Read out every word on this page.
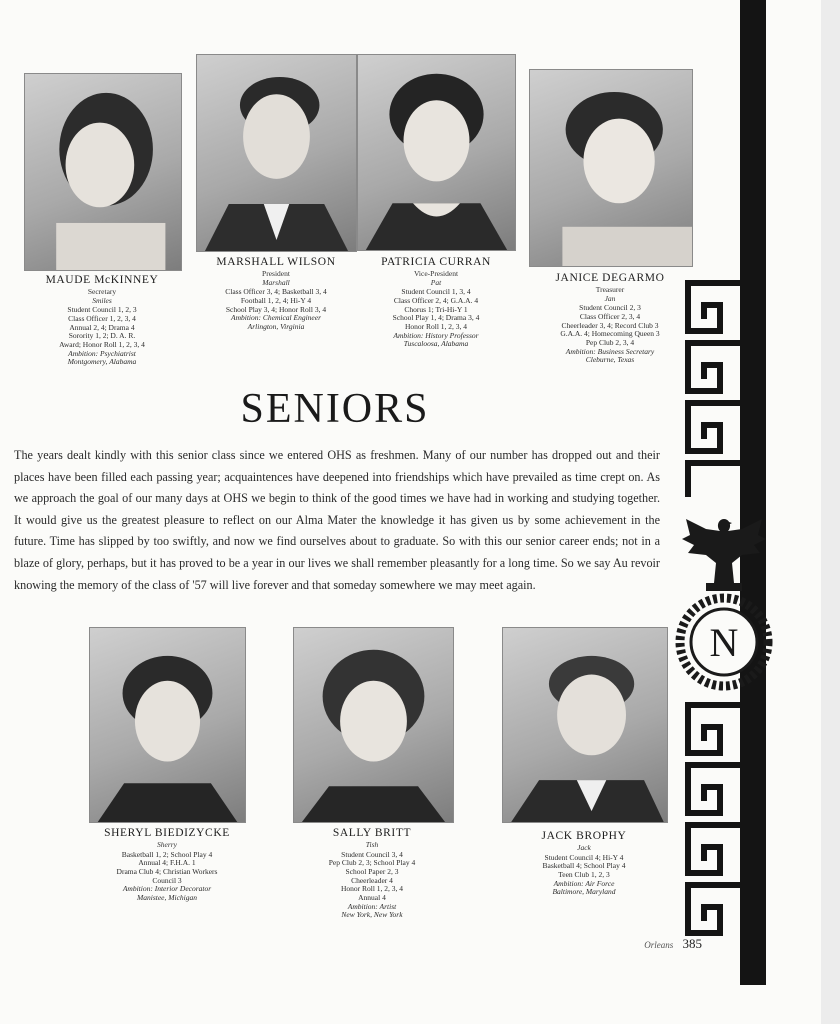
MAUDE McKINNEY
Secretary
Smiles
Student Council 1, 2, 3
Class Officer 1, 2, 3, 4
Annual 2, 4; Drama 4
Sorority 1, 2; D. A. R.
Award; Honor Roll 1, 2, 3, 4
Ambition: Psychiatrist
Montgomery, Alabama
MARSHALL WILSON
President
Marshall
Class Officer 3, 4; Basketball 3, 4
Football 1, 2, 4; Hi-Y 4
School Play 3, 4; Honor Roll 3, 4
Ambition: Chemical Engineer
Arlington, Virginia
PATRICIA CURRAN
Vice-President
Pat
Student Council 1, 3, 4
Class Officer 2, 4; G.A.A. 4
Chorus 1; Tri-Hi-Y 1
School Play 1, 4; Drama 3, 4
Honor Roll 1, 2, 3, 4
Ambition: History Professor
Tuscaloosa, Alabama
JANICE DEGARMO
Treasurer
Jan
Student Council 2, 3
Class Officer 2, 3, 4
Cheerleader 3, 4; Record Club 3
G.A.A. 4; Homecoming Queen 3
Pep Club 2, 3, 4
Ambition: Business Secretary
Cleburne, Texas
SENIORS
The years dealt kindly with this senior class since we entered OHS as freshmen. Many of our number has dropped out and their places have been filled each passing year; acquaintences have deepened into friendships which have prevailed as time crept on. As we approach the goal of our many days at OHS we begin to think of the good times we have had in working and studying together. It would give us the greatest pleasure to reflect on our Alma Mater the knowledge it has given us by some achievement in the future. Time has slipped by too swiftly, and now we find ourselves about to graduate. So with this our senior career ends; not in a blaze of glory, perhaps, but it has proved to be a year in our lives we shall remember pleasantly for a long time. So we say Au revoir knowing the memory of the class of '57 will live forever and that someday somewhere we may meet again.
SHERYL BIEDIZYCKE
Sherry
Basketball 1, 2; School Play 4
Annual 4; F.H.A. 1
Drama Club 4; Christian Workers
Council 3
Ambition: Interior Decorator
Manistee, Michigan
SALLY BRITT
Tish
Student Council 3, 4
Pep Club 2, 3; School Play 4
School Paper 2, 3
Cheerleader 4
Honor Roll 1, 2, 3, 4
Annual 4
Ambition: Artist
New York, New York
JACK BROPHY
Jack
Student Council 4; Hi-Y 4
Basketball 4; School Play 4
Teen Club 1, 2, 3
Ambition: Air Force
Baltimore, Maryland
N
Orleans 385
